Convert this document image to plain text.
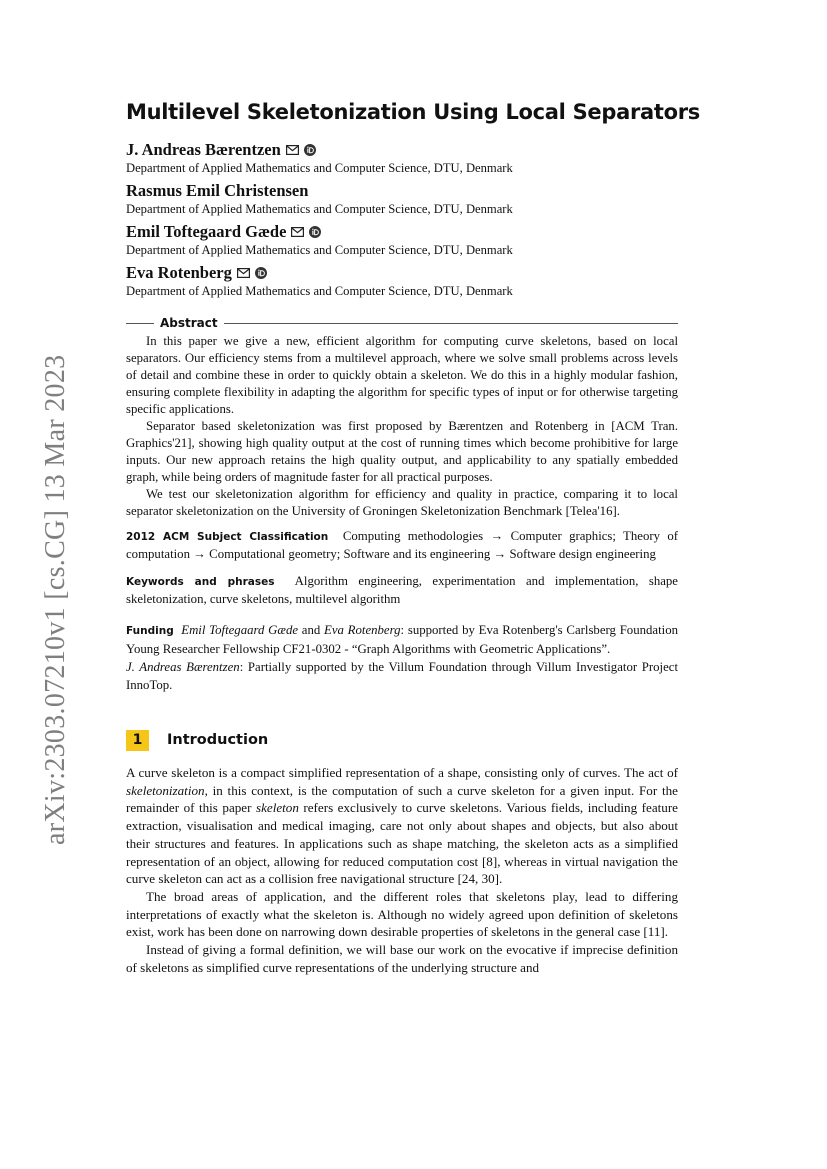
arXiv:2303.07210v1 [cs.CG] 13 Mar 2023
Multilevel Skeletonization Using Local Separators
J. Andreas Bærentzen
Department of Applied Mathematics and Computer Science, DTU, Denmark
Rasmus Emil Christensen
Department of Applied Mathematics and Computer Science, DTU, Denmark
Emil Toftegaard Gæde
Department of Applied Mathematics and Computer Science, DTU, Denmark
Eva Rotenberg
Department of Applied Mathematics and Computer Science, DTU, Denmark
Abstract

In this paper we give a new, efficient algorithm for computing curve skeletons, based on local separators. Our efficiency stems from a multilevel approach, where we solve small problems across levels of detail and combine these in order to quickly obtain a skeleton. We do this in a highly modular fashion, ensuring complete flexibility in adapting the algorithm for specific types of input or for otherwise targeting specific applications.

Separator based skeletonization was first proposed by Bærentzen and Rotenberg in [ACM Tran. Graphics'21], showing high quality output at the cost of running times which become prohibitive for large inputs. Our new approach retains the high quality output, and applicability to any spatially embedded graph, while being orders of magnitude faster for all practical purposes.

We test our skeletonization algorithm for efficiency and quality in practice, comparing it to local separator skeletonization on the University of Groningen Skeletonization Benchmark [Telea'16].

2012 ACM Subject Classification Computing methodologies → Computer graphics; Theory of computation → Computational geometry; Software and its engineering → Software design engineering

Keywords and phrases Algorithm engineering, experimentation and implementation, shape skeletonization, curve skeletons, multilevel algorithm

Funding Emil Toftegaard Gæde and Eva Rotenberg: supported by Eva Rotenberg's Carlsberg Foundation Young Researcher Fellowship CF21-0302 - “Graph Algorithms with Geometric Applications”.

J. Andreas Bærentzen: Partially supported by the Villum Foundation through Villum Investigator Project InnoTop.

1	Introduction

A curve skeleton is a compact simplified representation of a shape, consisting only of curves. The act of skeletonization, in this context, is the computation of such a curve skeleton for a given input. For the remainder of this paper skeleton refers exclusively to curve skeletons. Various fields, including feature extraction, visualisation and medical imaging, care not only about shapes and objects, but also about their structures and features. In applications such as shape matching, the skeleton acts as a simplified representation of an object, allowing for reduced computation cost [8], whereas in virtual navigation the curve skeleton can act as a collision free navigational structure [24, 30].

The broad areas of application, and the different roles that skeletons play, lead to differing interpretations of exactly what the skeleton is. Although no widely agreed upon definition of skeletons exist, work has been done on narrowing down desirable properties of skeletons in the general case [11].

Instead of giving a formal definition, we will base our work on the evocative if imprecise definition of skeletons as simplified curve representations of the underlying structure and
